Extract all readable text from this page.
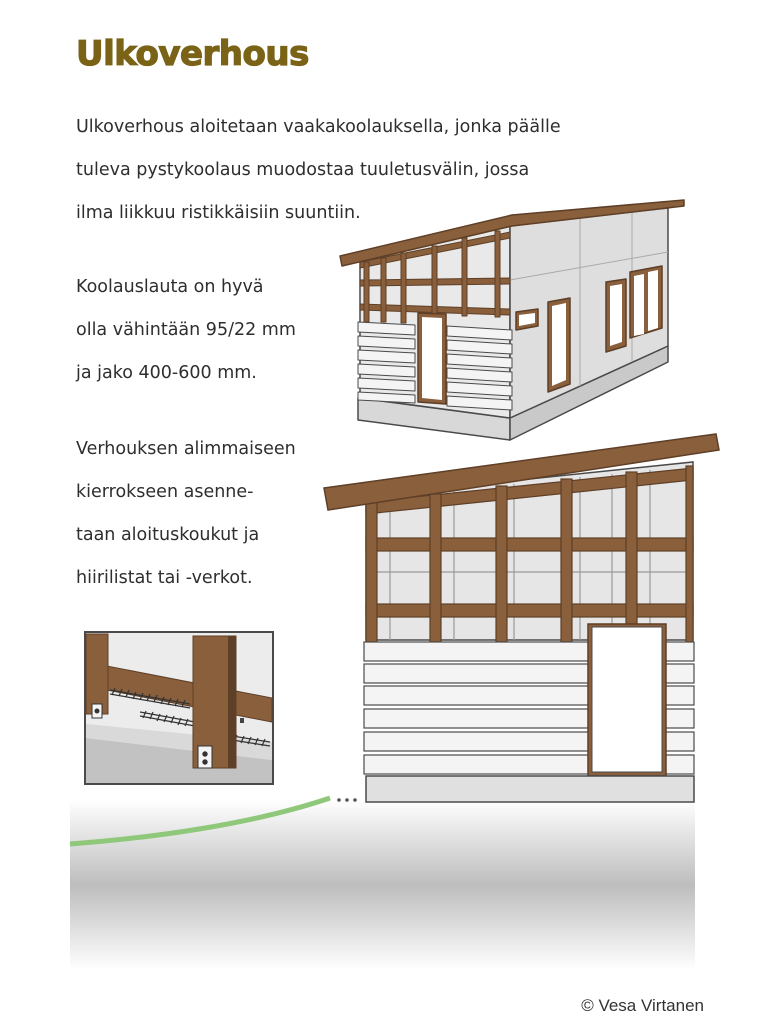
Ulkoverhous
Ulkoverhous aloitetaan vaakakoolauksella, jonka päälle
tuleva pystykoolaus muodostaa tuuletusvälin, jossa
ilma liikkuu ristikkäisiin suuntiin.
Koolauslauta on hyvä
olla vähintään 95/22 mm
ja jako 400-600 mm.
Verhouksen alimmaiseen
kierrokseen asenne-
taan aloituskoukut ja
hiirilistat tai -verkot.
© Vesa Virtanen
